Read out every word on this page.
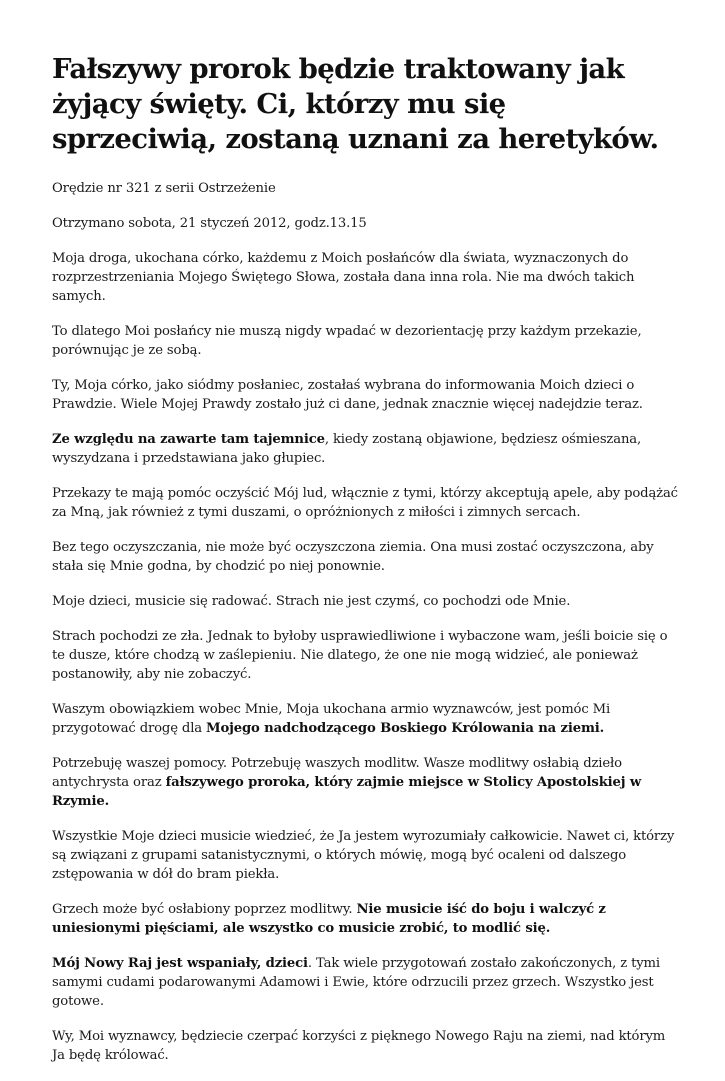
Fałszywy prorok będzie traktowany jak żyjący święty. Ci, którzy mu się sprzeciwią, zostaną uznani za heretyków.

Orędzie nr 321 z serii Ostrzeżenie

Otrzymano sobota, 21 styczeń 2012, godz.13.15

Moja droga, ukochana córko, każdemu z Moich posłańców dla świata, wyznaczonych do rozprzestrzeniania Mojego Świętego Słowa, została dana inna rola. Nie ma dwóch takich samych.

To dlatego Moi posłańcy nie muszą nigdy wpadać w dezorientację przy każdym przekazie, porównując je ze sobą.

Ty, Moja córko, jako siódmy posłaniec, zostałaś wybrana do informowania Moich dzieci o Prawdzie. Wiele Mojej Prawdy zostało już ci dane, jednak znacznie więcej nadejdzie teraz.

Ze względu na zawarte tam tajemnice, kiedy zostaną objawione, będziesz ośmieszana, wyszydzana i przedstawiana jako głupiec.

Przekazy te mają pomóc oczyścić Mój lud, włącznie z tymi, którzy akceptują apele, aby podążać za Mną, jak również z tymi duszami, o opróżnionych z miłości i zimnych sercach.

Bez tego oczyszczania, nie może być oczyszczona ziemia. Ona musi zostać oczyszczona, aby stała się Mnie godna, by chodzić po niej ponownie.

Moje dzieci, musicie się radować. Strach nie jest czymś, co pochodzi ode Mnie.

Strach pochodzi ze zła. Jednak to byłoby usprawiedliwione i wybaczone wam, jeśli boicie się o te dusze, które chodzą w zaślepieniu. Nie dlatego, że one nie mogą widzieć, ale ponieważ postanowiły, aby nie zobaczyć.

Waszym obowiązkiem wobec Mnie, Moja ukochana armio wyznawców, jest pomóc Mi przygotować drogę dla Mojego nadchodzącego Boskiego Królowania na ziemi.

Potrzebuję waszej pomocy. Potrzebuję waszych modlitw. Wasze modlitwy osłabią dzieło antychrysta oraz fałszywego proroka, który zajmie miejsce w Stolicy Apostolskiej w Rzymie.

Wszystkie Moje dzieci musicie wiedzieć, że Ja jestem wyrozumiały całkowicie. Nawet ci, którzy są związani z grupami satanistycznymi, o których mówię, mogą być ocaleni od dalszego zstępowania w dół do bram piekła.

Grzech może być osłabiony poprzez modlitwy. Nie musicie iść do boju i walczyć z uniesionymi pięściami, ale wszystko co musicie zrobić, to modlić się.

Mój Nowy Raj jest wspaniały, dzieci. Tak wiele przygotowań zostało zakończonych, z tymi samymi cudami podarowanymi Adamowi i Ewie, które odrzucili przez grzech. Wszystko jest gotowe.

Wy, Moi wyznawcy, będziecie czerpać korzyści z pięknego Nowego Raju na ziemi, nad którym Ja będę królować.
